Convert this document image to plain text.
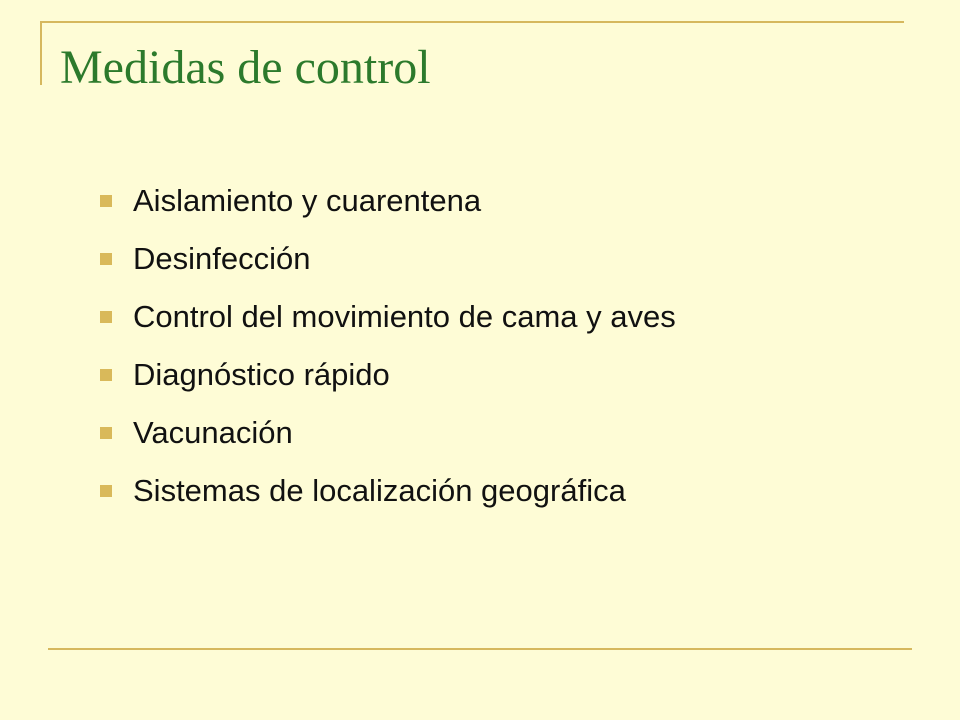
Medidas de control
Aislamiento y cuarentena
Desinfección
Control del movimiento de cama y aves
Diagnóstico rápido
Vacunación
Sistemas de localización geográfica
